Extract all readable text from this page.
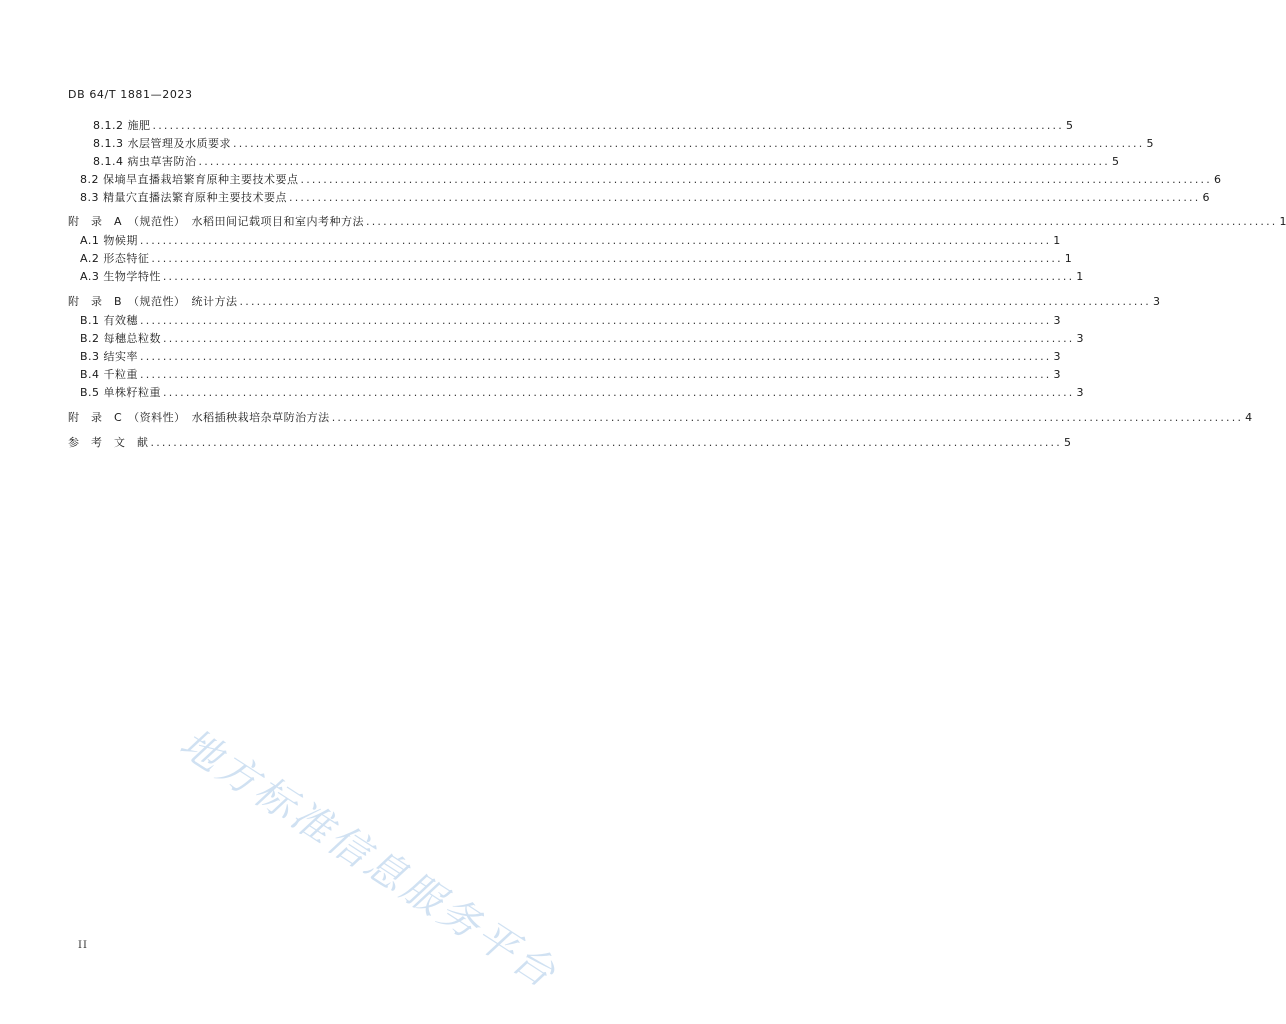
DB 64/T 1881—2023
8.1.2 施肥 ................................................................................................................................................................ 5
8.1.3 水层管理及水质要求 ................................................................................................................................................................ 5
8.1.4 病虫草害防治 ................................................................................................................................................................ 5
8.2 保墒旱直播栽培繁育原种主要技术要点 ................................................................................................................................................................ 6
8.3 精量穴直播法繁育原种主要技术要点 ................................................................................................................................................................ 6
附　录　A　（规范性）　水稻田间记载项目和室内考种方法 ................................................................................................................................................................ 1
A.1 物候期 ................................................................................................................................................................ 1
A.2 形态特征 ................................................................................................................................................................ 1
A.3 生物学特性 ................................................................................................................................................................ 1
附　录　B　（规范性）　统计方法 ................................................................................................................................................................ 3
B.1 有效穗 ................................................................................................................................................................ 3
B.2 每穗总粒数 ................................................................................................................................................................ 3
B.3 结实率 ................................................................................................................................................................ 3
B.4 千粒重 ................................................................................................................................................................ 3
B.5 单株籽粒重 ................................................................................................................................................................ 3
附　录　C　（资料性）　水稻插秧栽培杂草防治方法 ................................................................................................................................................................ 4
参　考　文　献 ................................................................................................................................................................ 5
地方标准信息服务平台
II
